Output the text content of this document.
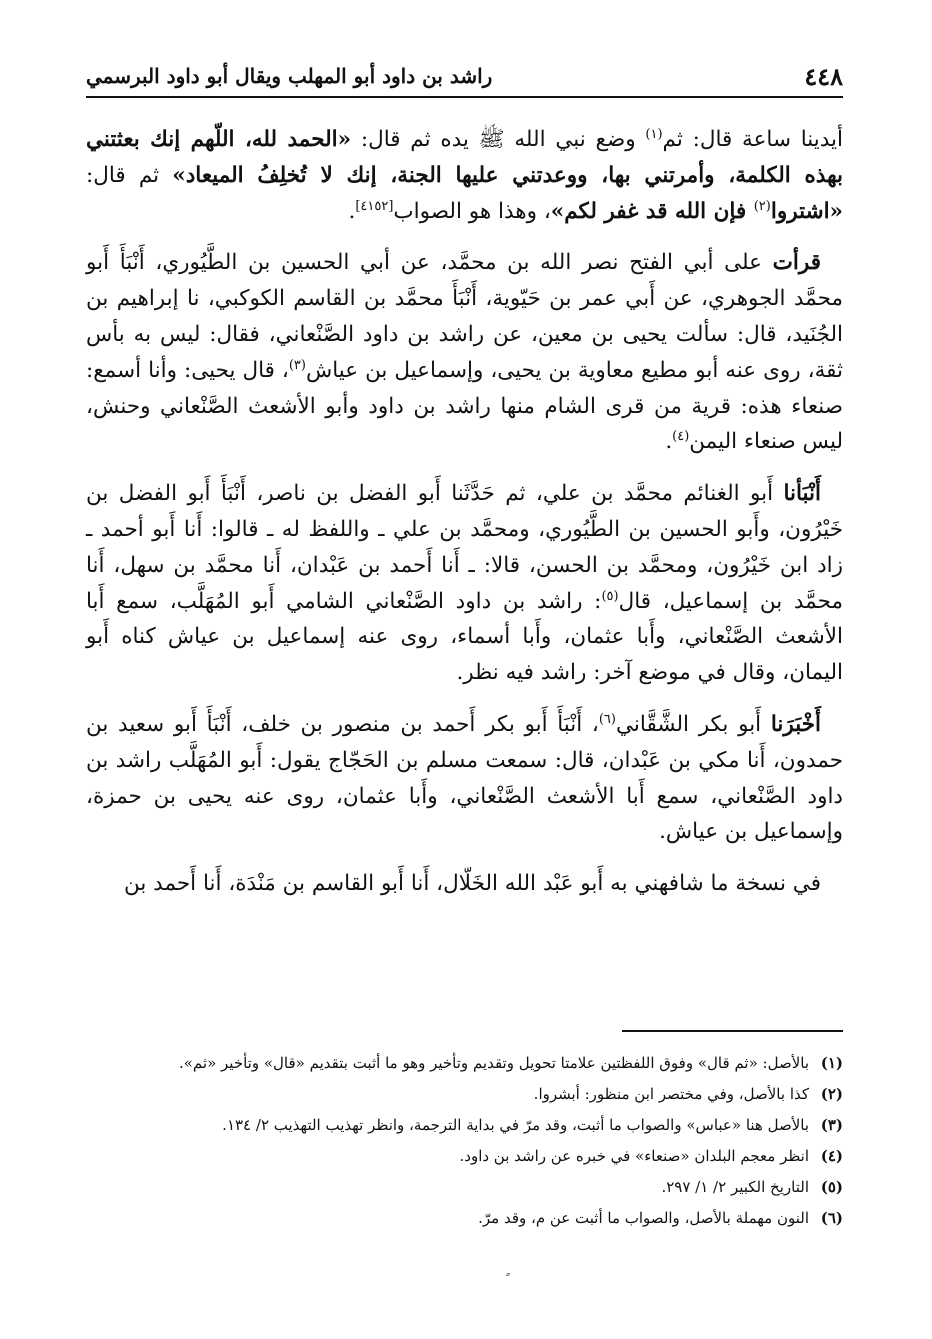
٤٤٨
راشد بن داود أبو المهلب ويقال أبو داود البرسمي

أيدينا ساعة قال: ثم$^{(١)}$ وضع نبي الله ﷺ يده ثم قال: «الحمد لله، اللّهم إنك بعثتني بهذه الكلمة، وأمرتني بها، ووعدتني عليها الجنة، إنك لا تُخلِفُ الميعاد» ثم قال: «اشتروا$^{(٢)}$ فإن الله قد غفر لكم»، وهذا هو الصواب[٤١٥٢].

قرأت على أبي الفتح نصر الله بن محمَّد، عن أبي الحسين بن الطَّيُوري، أَنْبَأَ أَبو محمَّد الجوهري، عن أَبي عمر بن حَيّوية، أَنْبَأَ محمَّد بن القاسم الكوكبي، نا إبراهيم بن الجُنَيد، قال: سألت يحيى بن معين، عن راشد بن داود الصَّنْعاني، فقال: ليس به بأس ثقة، روى عنه أبو مطيع معاوية بن يحيى، وإسماعيل بن عياش$^{(٣)}$، قال يحيى: وأنا أسمع: صنعاء هذه: قرية من قرى الشام منها راشد بن داود وأبو الأشعث الصَّنْعاني وحنش، ليس صنعاء اليمن$^{(٤)}$.

أَنْبَأنا أَبو الغنائم محمَّد بن علي، ثم حَدَّثَنا أَبو الفضل بن ناصر، أَنْبَأَ أَبو الفضل بن خَيْرُون، وأَبو الحسين بن الطَّيُوري، ومحمَّد بن علي ـ واللفظ له ـ قالوا: أَنا أَبو أحمد ـ زاد ابن خَيْرُون، ومحمَّد بن الحسن، قالا: ـ أَنا أَحمد بن عَبْدان، أَنا محمَّد بن سهل، أَنا محمَّد بن إسماعيل، قال$^{(٥)}$: راشد بن داود الصَّنْعاني الشامي أَبو المُهَلَّب، سمع أَبا الأشعث الصَّنْعاني، وأَبا عثمان، وأَبا أسماء، روى عنه إسماعيل بن عياش كناه أَبو اليمان، وقال في موضع آخر: راشد فيه نظر.

أَخْبَرَنا أَبو بكر الشَّقَّاني$^{(٦)}$، أَنْبَأَ أَبو بكر أَحمد بن منصور بن خلف، أَنْبَأَ أَبو سعيد بن حمدون، أَنا مكي بن عَبْدان، قال: سمعت مسلم بن الحَجّاج يقول: أَبو المُهَلَّب راشد بن داود الصَّنْعاني، سمع أَبا الأشعث الصَّنْعاني، وأَبا عثمان، روى عنه يحيى بن حمزة، وإسماعيل بن عياش.

في نسخة ما شافهني به أَبو عَبْد الله الخَلّال، أَنا أَبو القاسم بن مَنْدَة، أَنا أَحمد بن

(١)
بالأصل: «ثم قال» وفوق اللفظتين علامتا تحويل وتقديم وتأخير وهو ما أثبت بتقديم «قال» وتأخير «ثم».
(٢)
كذا بالأصل، وفي مختصر ابن منظور: أبشروا.
(٣)
بالأصل هنا «عباس» والصواب ما أثبت، وقد مرّ في بداية الترجمة، وانظر تهذيب التهذيب ٢/ ١٣٤.
(٤)
انظر معجم البلدان «صنعاء» في خبره عن راشد بن داود.
(٥)
التاريخ الكبير ٢/ ١/ ٢٩٧.
(٦)
النون مهملة بالأصل، والصواب ما أثبت عن م، وقد مرّ.
